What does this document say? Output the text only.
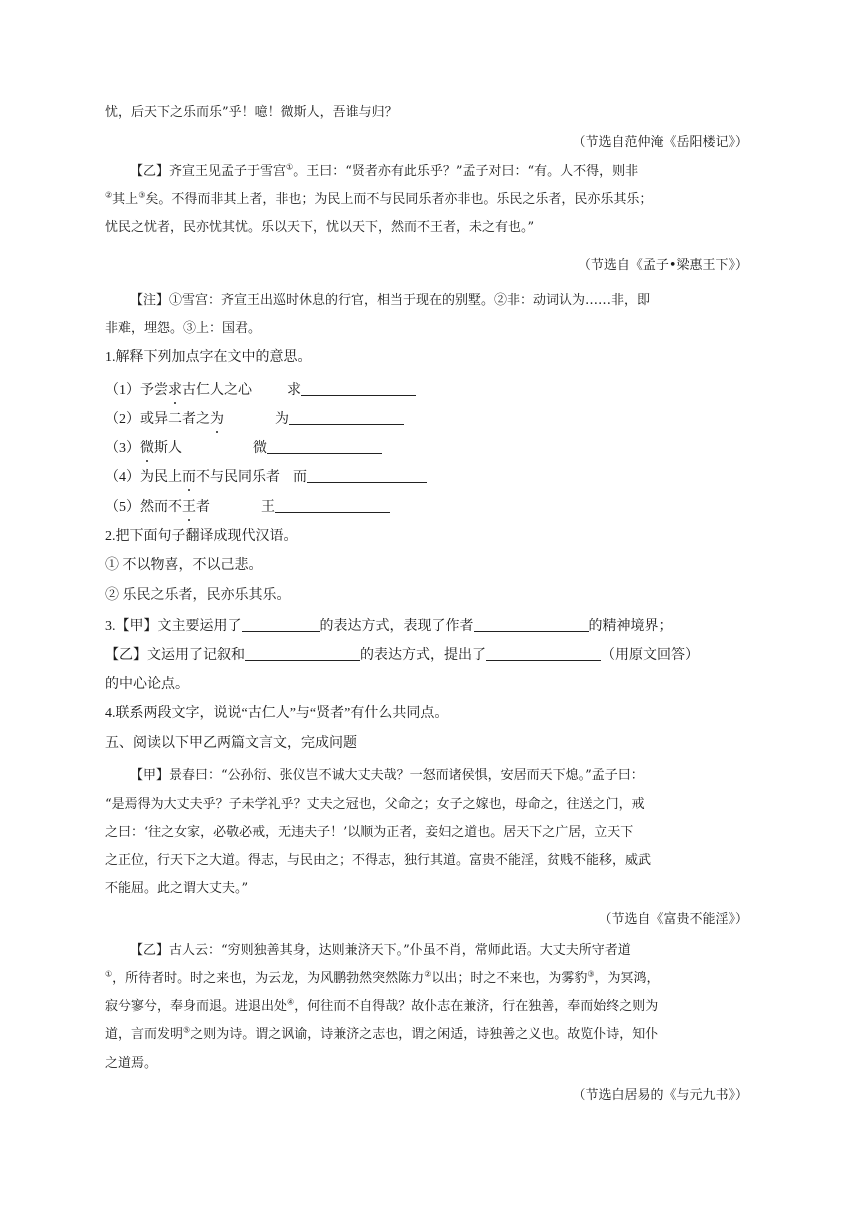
忧，后天下之乐而乐”乎！噫！微斯人，吾谁与归？
（节选自范仲淹《岳阳楼记》）
【乙】齐宣王见孟子于雪宫①。王曰：“贤者亦有此乐乎？”孟子对曰：“有。人不得，则非
②其上③矣。不得而非其上者，非也；为民上而不与民同乐者亦非也。乐民之乐者，民亦乐其乐；
忧民之忧者，民亦忧其忧。乐以天下，忧以天下，然而不王者，未之有也。”
（节选自《孟子•梁惠王下》）
【注】①雪宫：齐宣王出巡时休息的行官，相当于现在的别墅。②非：动词认为……非，即
非难，埋怨。③上：国君。
1.解释下列加点字在文中的意思。
（1）予尝求古仁人之心	求
（2）或异二者之为	为
（3）微斯人	微
（4）为民上而不与民同乐者 而
（5）然而不王者	王
2.把下面句子翻译成现代汉语。
① 不以物喜，不以己悲。
② 乐民之乐者，民亦乐其乐。
3.【甲】文主要运用了	的表达方式，表现了作者	的精神境界；
【乙】文运用了记叙和	的表达方式，提出了	（用原文回答）
的中心论点。
4.联系两段文字，说说“古仁人”与“贤者”有什么共同点。
五、阅读以下甲乙两篇文言文，完成问题
【甲】景春曰：“公孙衍、张仪岂不诚大丈夫哉？一怒而诸侯惧，安居而天下熄。”孟子曰：
“是焉得为大丈夫乎？子未学礼乎？丈夫之冠也，父命之；女子之嫁也，母命之，往送之门，戒
之曰：‘往之女家，必敬必戒，无违夫子！’以顺为正者，妾妇之道也。居天下之广居，立天下
之正位，行天下之大道。得志，与民由之；不得志，独行其道。富贵不能淫，贫贱不能移，威武
不能屈。此之谓大丈夫。”
（节选自《富贵不能淫》）
【乙】古人云：“穷则独善其身，达则兼济天下。”仆虽不肖，常师此语。大丈夫所守者道
①，所待者时。时之来也，为云龙，为风鹏勃然突然陈力②以出；时之不来也，为雾豹③，为冥鸿，
寂兮寥兮，奉身而退。进退出处④，何往而不自得哉？故仆志在兼济，行在独善，奉而始终之则为
道，言而发明⑤之则为诗。谓之讽谕，诗兼济之志也，谓之闲适，诗独善之义也。故览仆诗，知仆
之道焉。
（节选白居易的《与元九书》）
